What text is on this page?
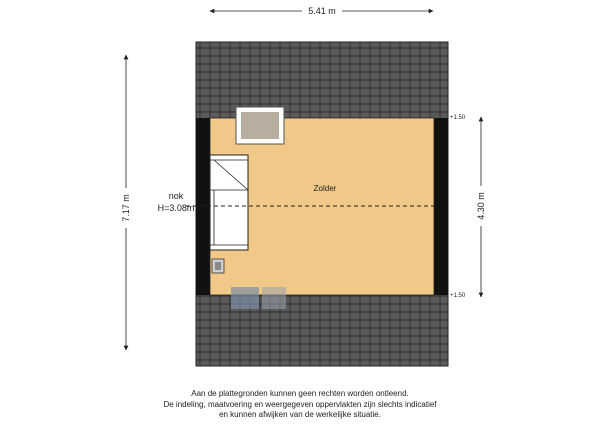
5.41 m
7.17 m	4.30 m
nok
H=3.08m
Zolder
+1.50
+1.50
Aan de plattegronden kunnen geen rechten worden ontleend.
De indeling, maatvoering en weergegeven oppervlakten zijn slechts indicatief
en kunnen afwijken van de werkelijke situatie.
